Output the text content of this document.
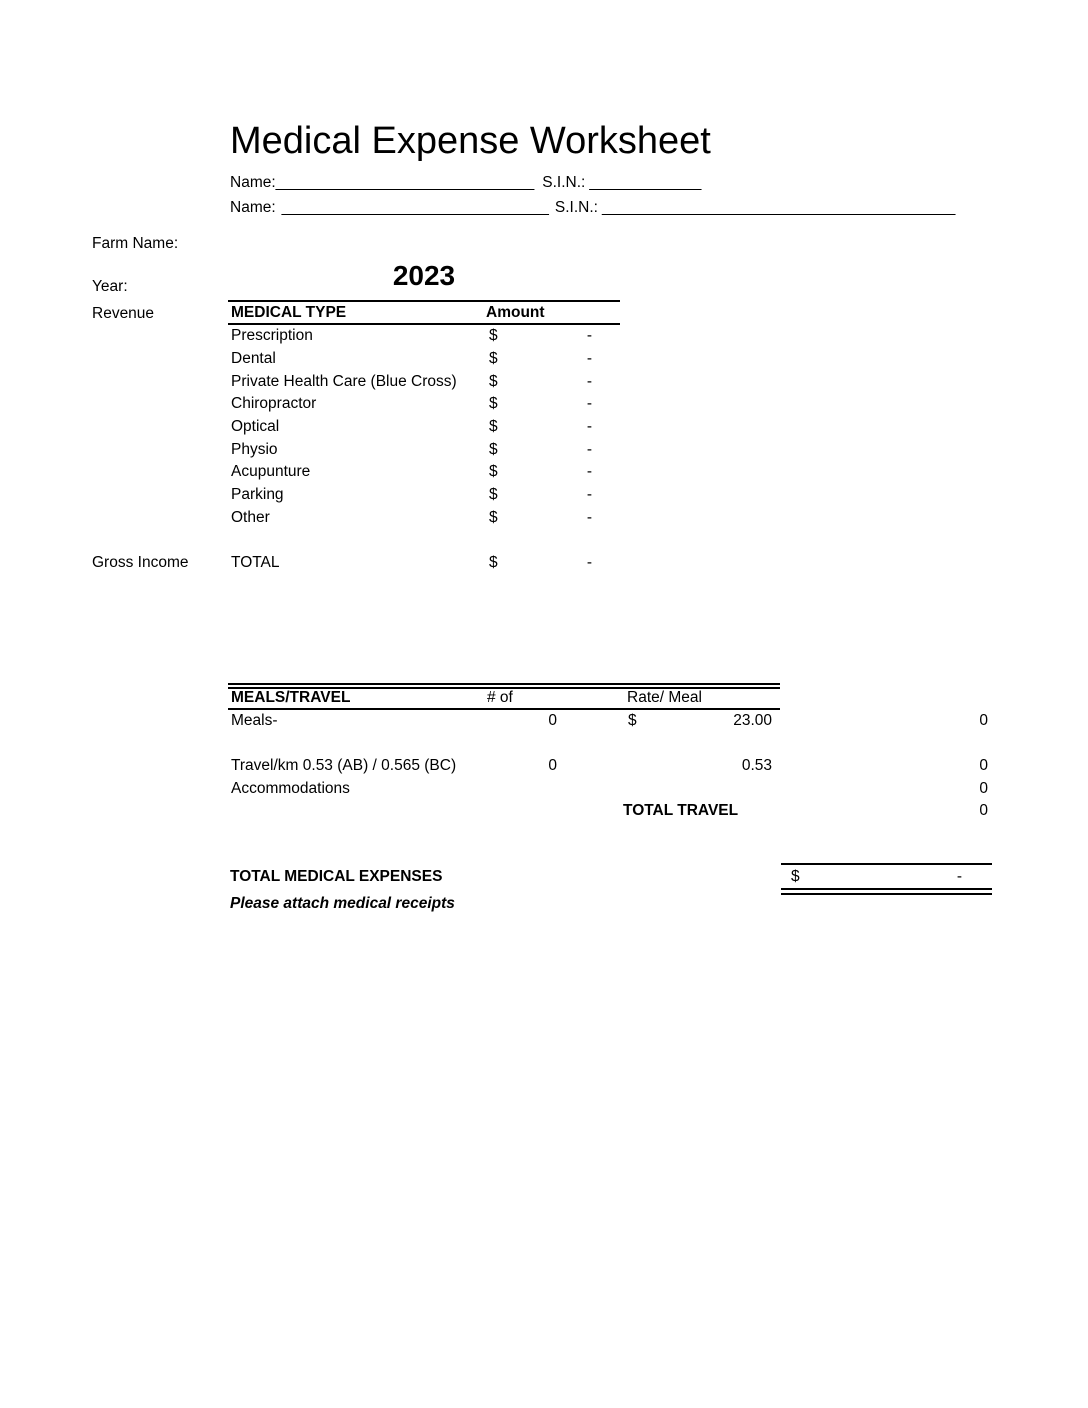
Medical Expense Worksheet
Name:______________________________ S.I.N.: _____________
Name: _______________________________ S.I.N.: _________________________________________
Farm Name:
Year:
Revenue
Gross Income
2023
MEDICAL TYPE	Amount
Prescription	$	-
Dental	$	-
Private Health Care (Blue Cross) $	-
Chiropractor	$	-
Optical	$	-
Physio	$	-
Acupunture	$	-
Parking	$	-
Other	$	-
TOTAL	$	-
MEALS/TRAVEL	# of	Rate/ Meal
Meals-	0	$	23.00	0
Travel/km 0.53 (AB) / 0.565 (BC)	0	0.53	0
Accommodations	0
TOTAL TRAVEL	0
TOTAL MEDICAL EXPENSES	$	-
Please attach medical receipts
